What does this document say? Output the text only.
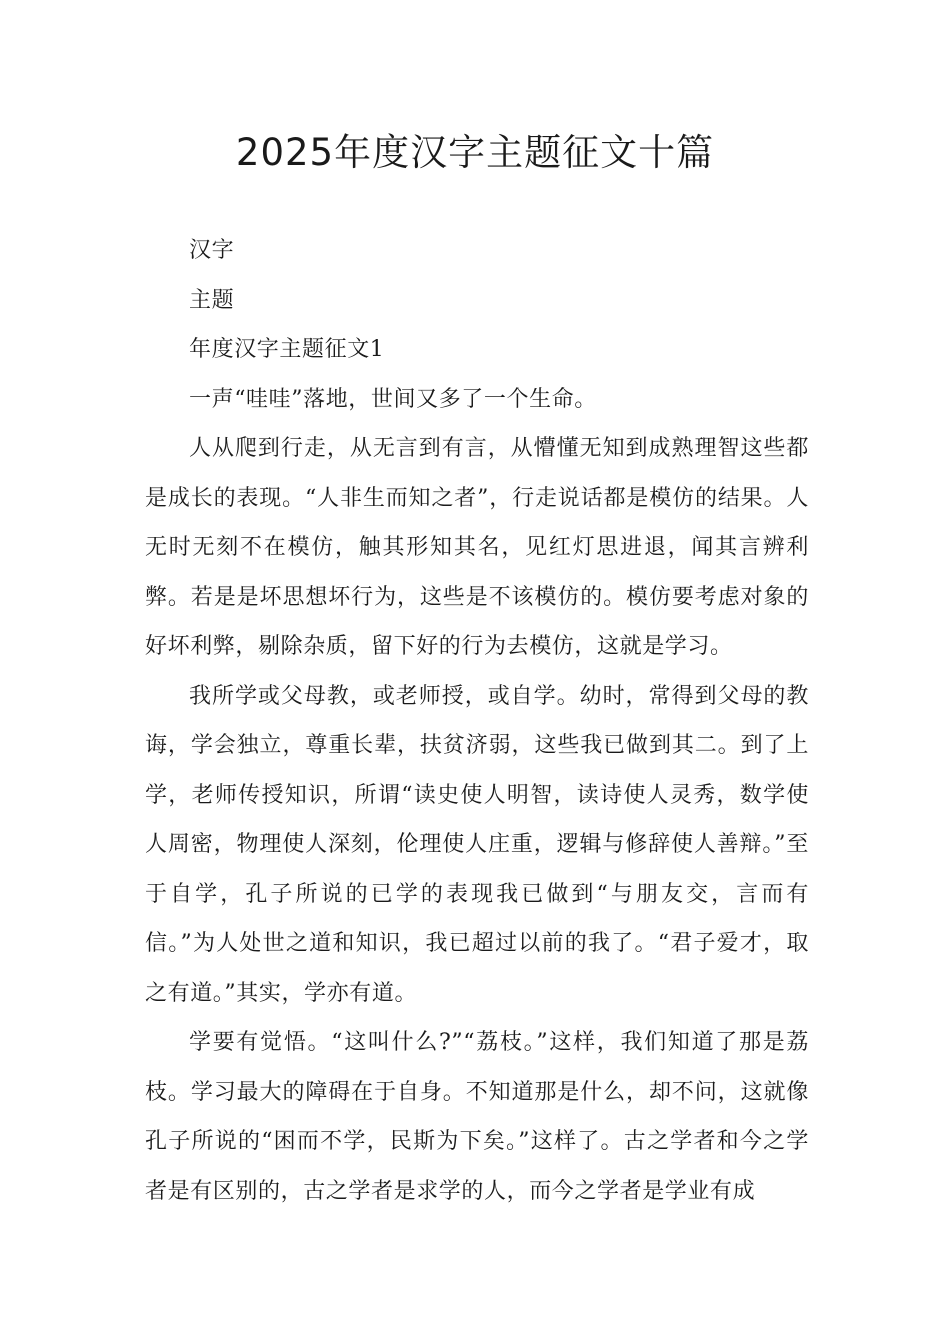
2025年度汉字主题征文十篇

汉字

主题

年度汉字主题征文1

一声“哇哇”落地，世间又多了一个生命。

人从爬到行走，从无言到有言，从懵懂无知到成熟理智这些都是成长的表现。“人非生而知之者”，行走说话都是模仿的结果。人无时无刻不在模仿，触其形知其名，见红灯思进退，闻其言辨利弊。若是是坏思想坏行为，这些是不该模仿的。模仿要考虑对象的好坏利弊，剔除杂质，留下好的行为去模仿，这就是学习。

我所学或父母教，或老师授，或自学。幼时，常得到父母的教诲，学会独立，尊重长辈，扶贫济弱，这些我已做到其二。到了上学，老师传授知识，所谓“读史使人明智，读诗使人灵秀，数学使人周密，物理使人深刻，伦理使人庄重，逻辑与修辞使人善辩。”至于自学，孔子所说的已学的表现我已做到“与朋友交，言而有信。”为人处世之道和知识，我已超过以前的我了。“君子爱才，取之有道。”其实，学亦有道。

学要有觉悟。“这叫什么?”“荔枝。”这样，我们知道了那是荔枝。学习最大的障碍在于自身。不知道那是什么，却不问，这就像孔子所说的“困而不学，民斯为下矣。”这样了。古之学者和今之学者是有区别的，古之学者是求学的人，而今之学者是学业有成
